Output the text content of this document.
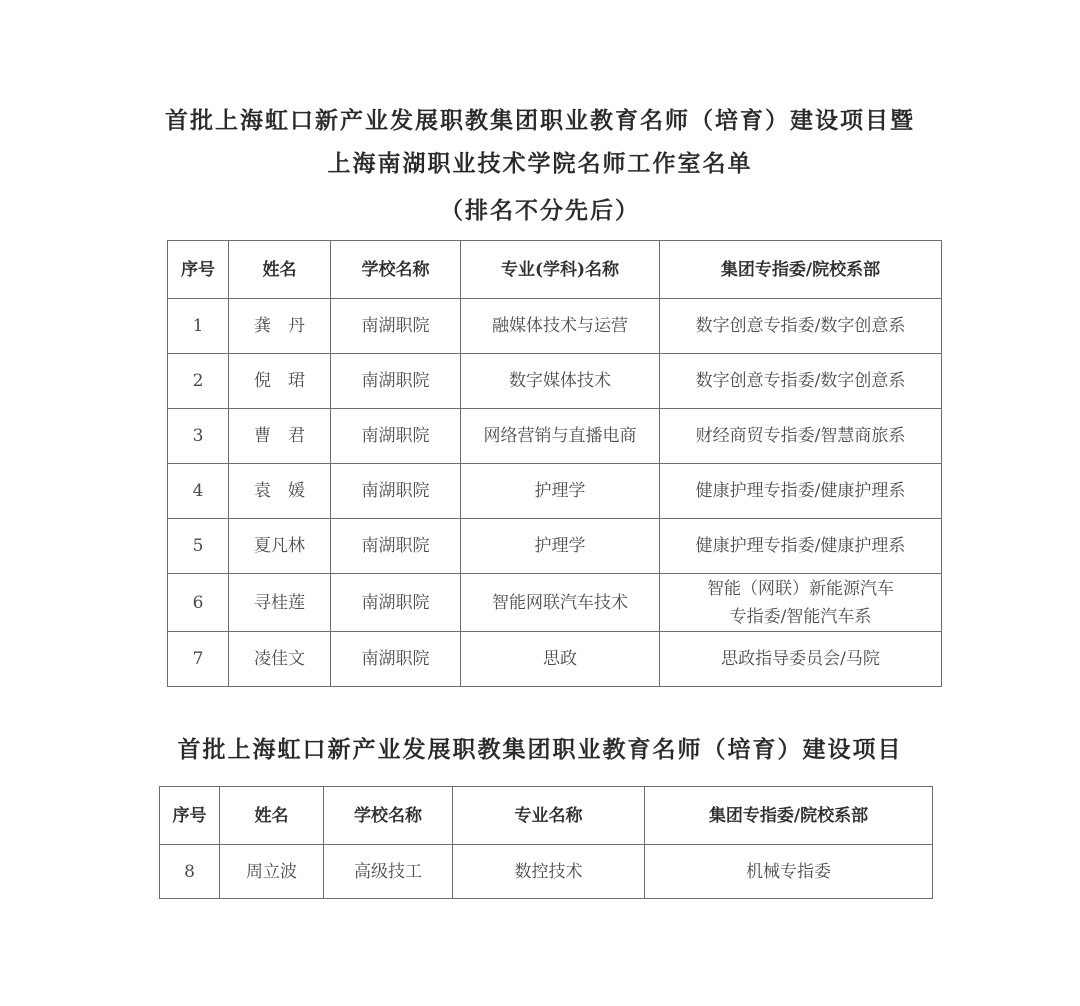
首批上海虹口新产业发展职教集团职业教育名师（培育）建设项目暨
上海南湖职业技术学院名师工作室名单
（排名不分先后）
序号	姓名	学校名称	专业(学科)名称	集团专指委/院校系部
1	龚　丹	南湖职院	融媒体技术与运营	数字创意专指委/数字创意系
2	倪　珺	南湖职院	数字媒体技术	数字创意专指委/数字创意系
3	曹　君	南湖职院	网络营销与直播电商	财经商贸专指委/智慧商旅系
4	袁　媛	南湖职院	护理学	健康护理专指委/健康护理系
5	夏凡林	南湖职院	护理学	健康护理专指委/健康护理系
6	寻桂莲	南湖职院	智能网联汽车技术	智能（网联）新能源汽车
专指委/智能汽车系

7	凌佳文	南湖职院	思政	思政指导委员会/马院
首批上海虹口新产业发展职教集团职业教育名师（培育）建设项目
序号	姓名	学校名称	专业名称	集团专指委/院校系部
8	周立波	高级技工	数控技术	机械专指委
